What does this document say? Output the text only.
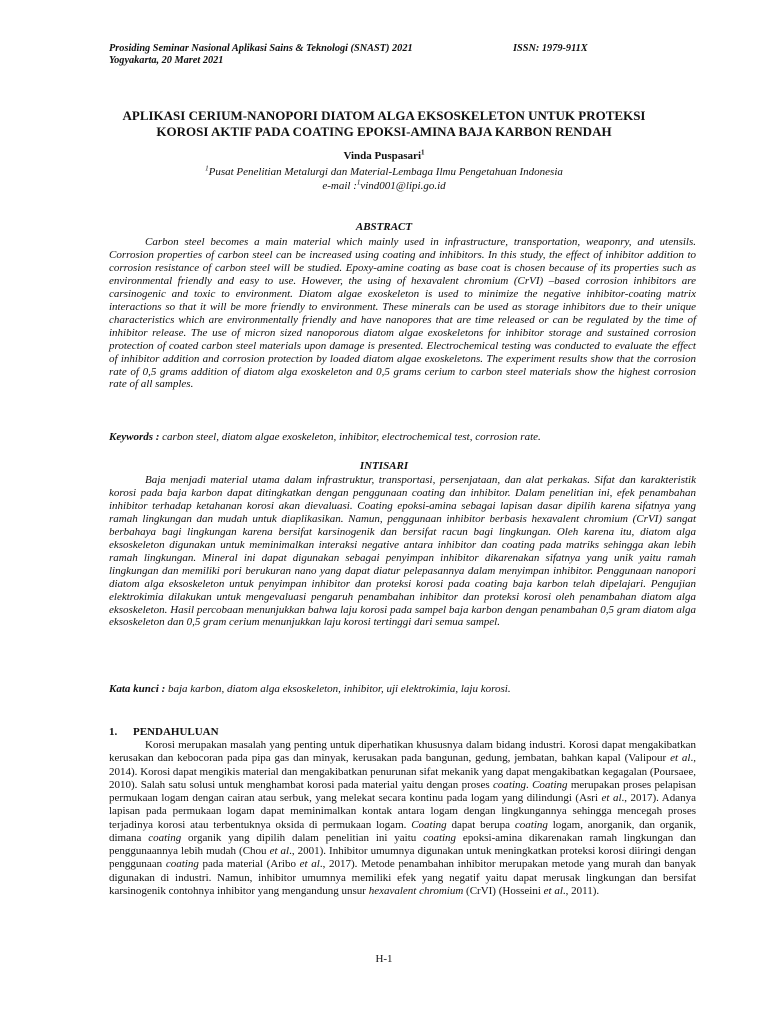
Prosiding Seminar Nasional Aplikasi Sains & Teknologi (SNAST) 2021	ISSN: 1979-911X
Yogyakarta, 20 Maret 2021
APLIKASI CERIUM-NANOPORI DIATOM ALGA EKSOSKELETON UNTUK PROTEKSI
KOROSI AKTIF PADA COATING EPOKSI-AMINA BAJA KARBON RENDAH
Vinda Puspasari$^1$
$^1$Pusat Penelitian Metalurgi dan Material-Lembaga Ilmu Pengetahuan Indonesia
e-mail :$^1$vind001@lipi.go.id
ABSTRACT
Carbon steel becomes a main material which mainly used in infrastructure, transportation, weaponry, and utensils. Corrosion properties of carbon steel can be increased using coating and inhibitors. In this study, the effect of inhibitor addition to corrosion resistance of carbon steel will be studied. Epoxy-amine coating as base coat is chosen because of its properties such as environmental friendly and easy to use. However, the using of hexavalent chromium (CrVI) –based corrosion inhibitors are carsinogenic and toxic to environment. Diatom algae exoskeleton is used to minimize the negative inhibitor-coating matrix interactions so that it will be more friendly to environment. These minerals can be used as storage inhibitors due to their unique characteristics which are environmentally friendly and have nanopores that are time released or can be regulated by the time of inhibitor release. The use of micron sized nanoporous diatom algae exoskeletons for inhibitor storage and sustained corrosion protection of coated carbon steel materials upon damage is presented. Electrochemical testing was conducted to evaluate the effect of inhibitor addition and corrosion protection by loaded diatom algae exoskeletons. The experiment results show that the corrosion rate of 0,5 grams addition of diatom alga exoskeleton and 0,5 grams cerium to carbon steel materials show the highest corrosion rate of all samples.
Keywords : carbon steel, diatom algae exoskeleton, inhibitor, electrochemical test, corrosion rate.
INTISARI
Baja menjadi material utama dalam infrastruktur, transportasi, persenjataan, dan alat perkakas. Sifat dan karakteristik korosi pada baja karbon dapat ditingkatkan dengan penggunaan coating dan inhibitor. Dalam penelitian ini, efek penambahan inhibitor terhadap ketahanan korosi akan dievaluasi. Coating epoksi-amina sebagai lapisan dasar dipilih karena sifatnya yang ramah lingkungan dan mudah untuk diaplikasikan. Namun, penggunaan inhibitor berbasis hexavalent chromium (CrVI) sangat berbahaya bagi lingkungan karena bersifat karsinogenik dan bersifat racun bagi lingkungan. Oleh karena itu, diatom alga eksoskeleton digunakan untuk meminimalkan interaksi negative antara inhibitor dan coating pada matriks sehingga akan lebih ramah lingkungan. Mineral ini dapat digunakan sebagai penyimpan inhibitor dikarenakan sifatnya yang unik yaitu ramah lingkungan dan memiliki pori berukuran nano yang dapat diatur pelepasannya dalam menyimpan inhibitor. Penggunaan nanopori diatom alga eksoskeleton untuk penyimpan inhibitor dan proteksi korosi pada coating baja karbon telah dipelajari. Pengujian elektrokimia dilakukan untuk mengevaluasi pengaruh penambahan inhibitor dan proteksi korosi oleh penambahan diatom alga eksoskeleton. Hasil percobaan menunjukkan bahwa laju korosi pada sampel baja karbon dengan penambahan 0,5 gram diatom alga eksoskeleton dan 0,5 gram cerium menunjukkan laju korosi tertinggi dari semua sampel.
Kata kunci : baja karbon, diatom alga eksoskeleton, inhibitor, uji elektrokimia, laju korosi.
1. PENDAHULUAN
Korosi merupakan masalah yang penting untuk diperhatikan khususnya dalam bidang industri. Korosi dapat mengakibatkan kerusakan dan kebocoran pada pipa gas dan minyak, kerusakan pada bangunan, gedung, jembatan, bahkan kapal (Valipour et al., 2014). Korosi dapat mengikis material dan mengakibatkan penurunan sifat mekanik yang dapat mengakibatkan kegagalan (Poursaee, 2010). Salah satu solusi untuk menghambat korosi pada material yaitu dengan proses coating. Coating merupakan proses pelapisan permukaan logam dengan cairan atau serbuk, yang melekat secara kontinu pada logam yang dilindungi (Asri et al., 2017). Adanya lapisan pada permukaan logam dapat meminimalkan kontak antara logam dengan lingkungannya sehingga mencegah proses terjadinya korosi atau terbentuknya oksida di permukaan logam. Coating dapat berupa coating logam, anorganik, dan organik, dimana coating organik yang dipilih dalam penelitian ini yaitu coating epoksi-amina dikarenakan ramah lingkungan dan penggunaannya lebih mudah (Chou et al., 2001). Inhibitor umumnya digunakan untuk meningkatkan proteksi korosi diiringi dengan penggunaan coating pada material (Aribo et al., 2017). Metode penambahan inhibitor merupakan metode yang murah dan banyak digunakan di industri. Namun, inhibitor umumnya memiliki efek yang negatif yaitu dapat merusak lingkungan dan bersifat karsinogenik contohnya inhibitor yang mengandung unsur hexavalent chromium (CrVI) (Hosseini et al., 2011).
H-1
